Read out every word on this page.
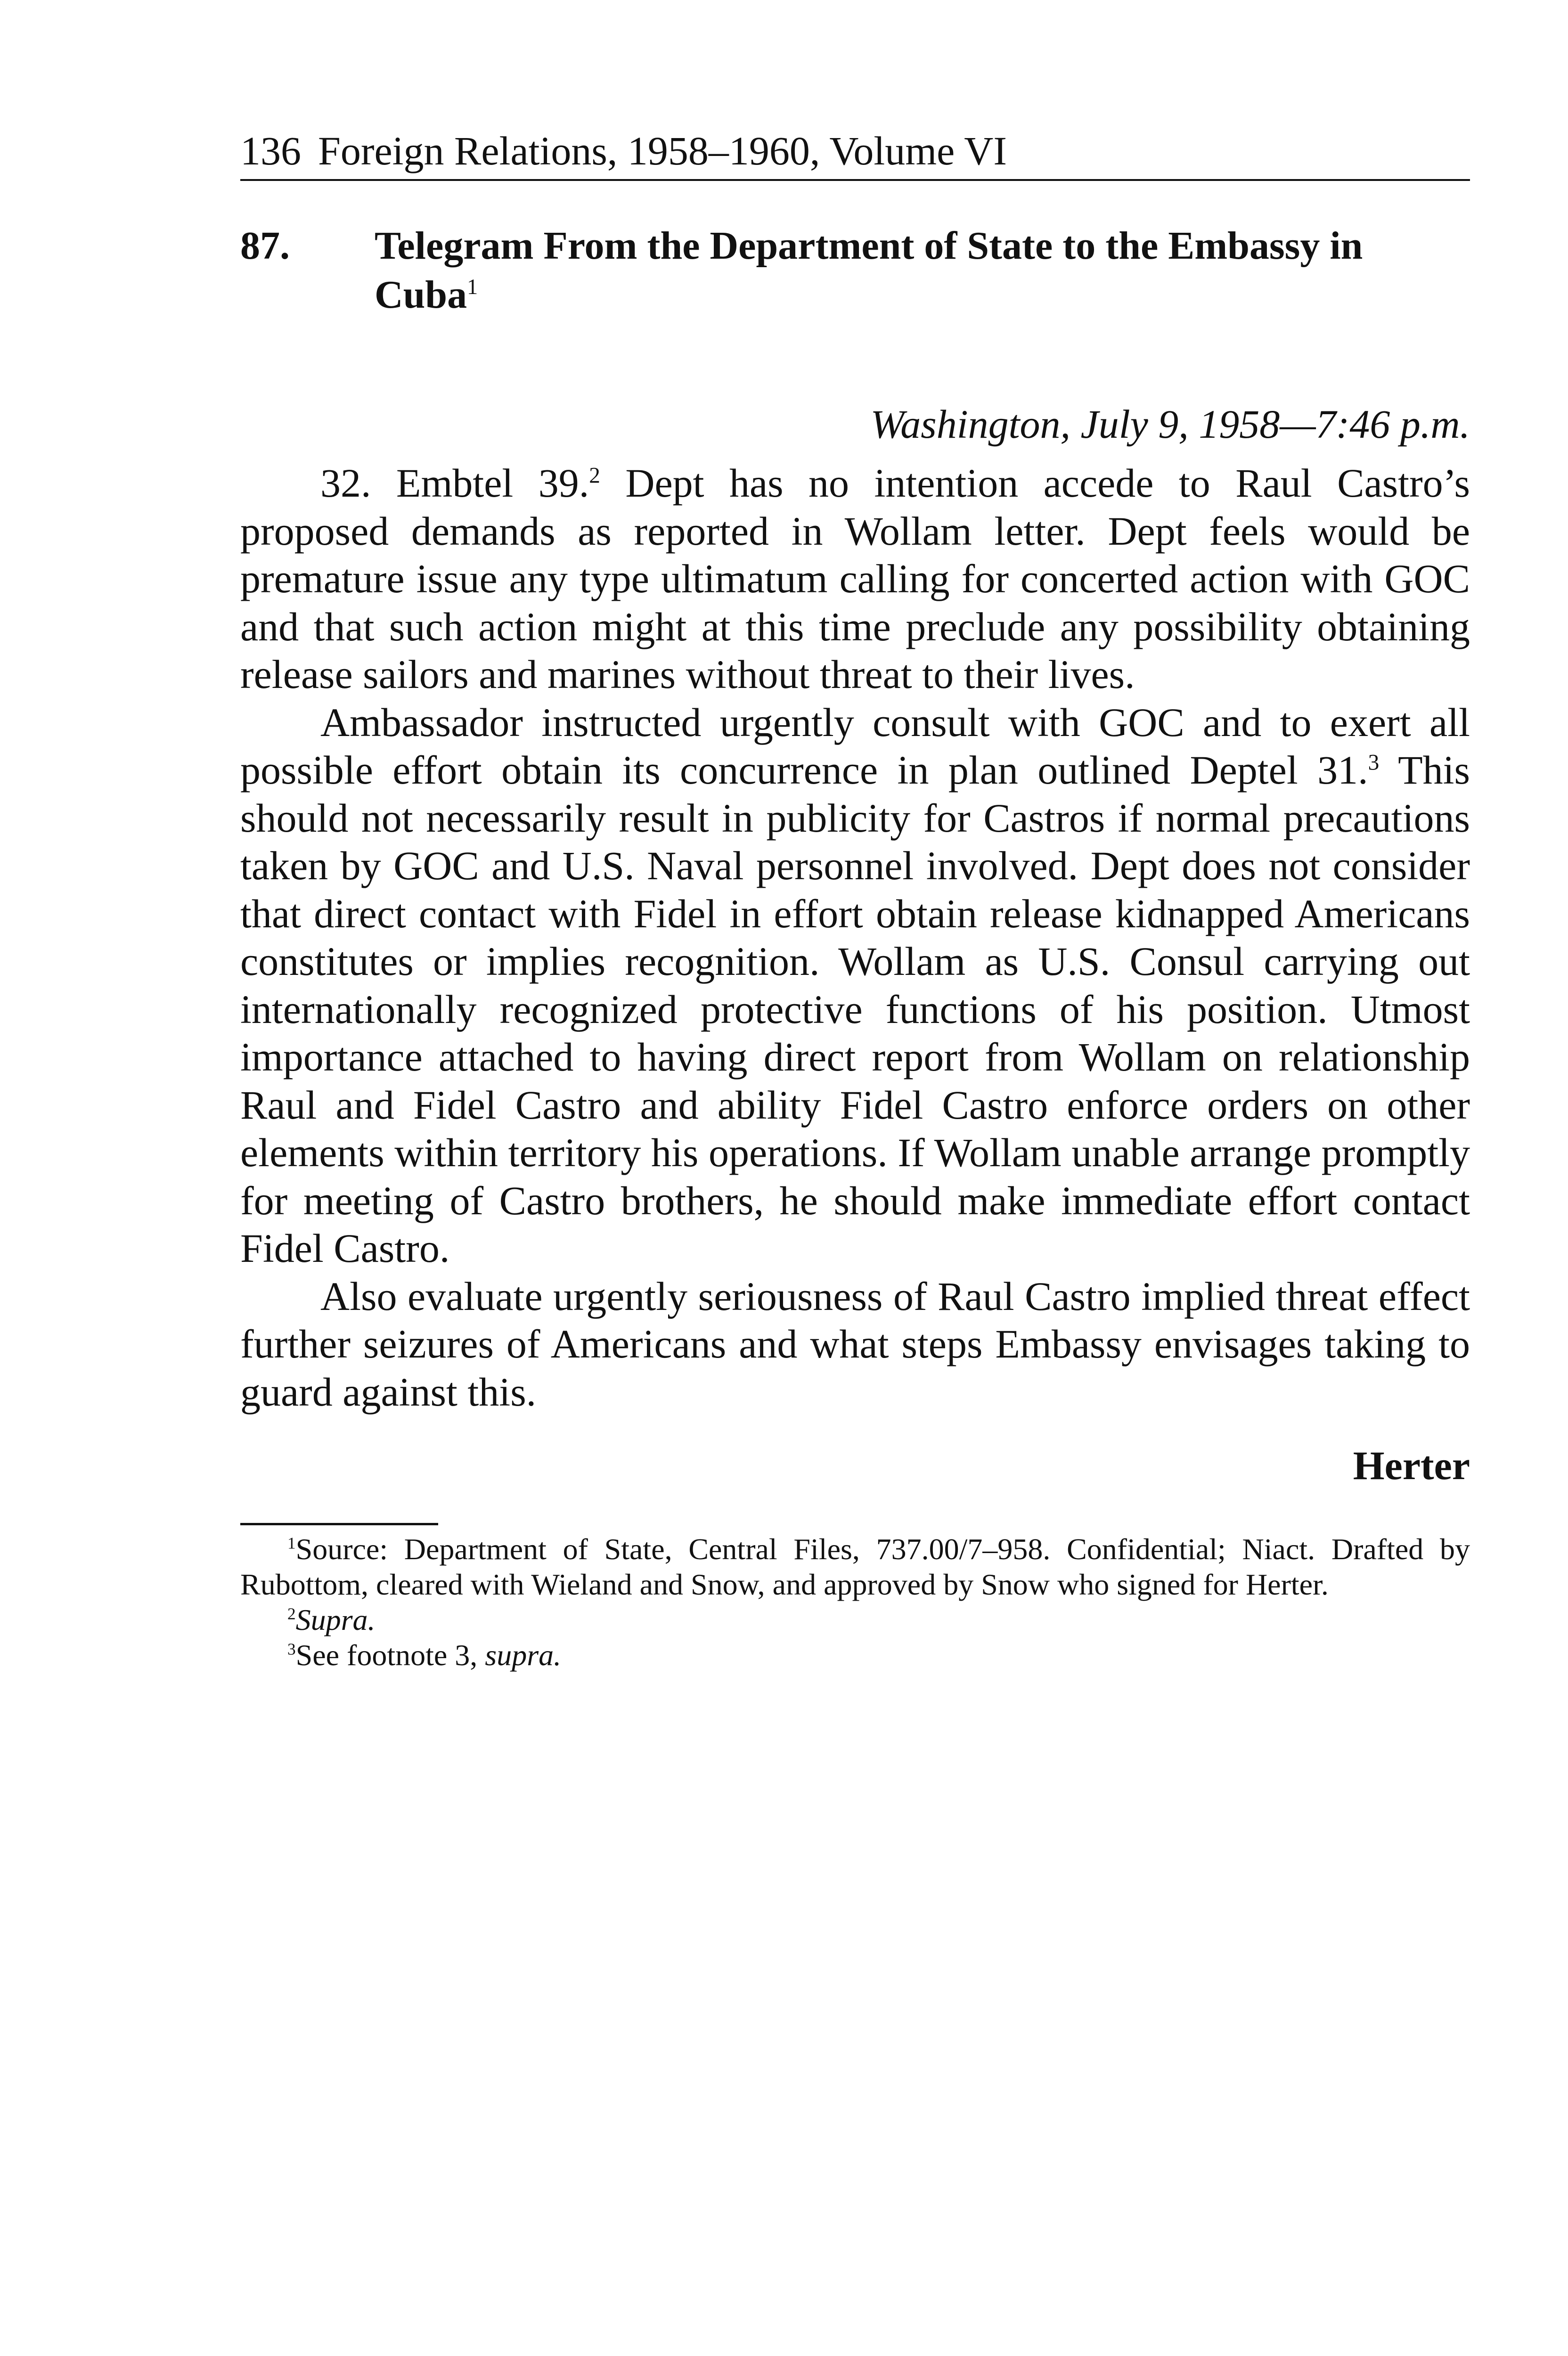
136 Foreign Relations, 1958–1960, Volume VI
87. Telegram From the Department of State to the Embassy in Cuba$^1$
Washington, July 9, 1958—7:46 p.m.

32. Embtel 39.$^2$ Dept has no intention accede to Raul Castro’s proposed demands as reported in Wollam letter. Dept feels would be premature issue any type ultimatum calling for concerted action with GOC and that such action might at this time preclude any possibility obtaining release sailors and marines without threat to their lives.

Ambassador instructed urgently consult with GOC and to exert all possible effort obtain its concurrence in plan outlined Deptel 31.$^3$ This should not necessarily result in publicity for Castros if normal precautions taken by GOC and U.S. Naval personnel involved. Dept does not consider that direct contact with Fidel in effort obtain release kidnapped Americans constitutes or implies recognition. Wollam as U.S. Consul carrying out internationally recognized protective functions of his position. Utmost importance attached to having direct report from Wollam on relationship Raul and Fidel Castro and ability Fidel Castro enforce orders on other elements within territory his operations. If Wollam unable arrange promptly for meeting of Castro brothers, he should make immediate effort contact Fidel Castro.

Also evaluate urgently seriousness of Raul Castro implied threat effect further seizures of Americans and what steps Embassy envisages taking to guard against this.

Herter

$^1$Source: Department of State, Central Files, 737.00/7–958. Confidential; Niact. Drafted by Rubottom, cleared with Wieland and Snow, and approved by Snow who signed for Herter.

$^2$Supra.

$^3$See footnote 3, supra.
